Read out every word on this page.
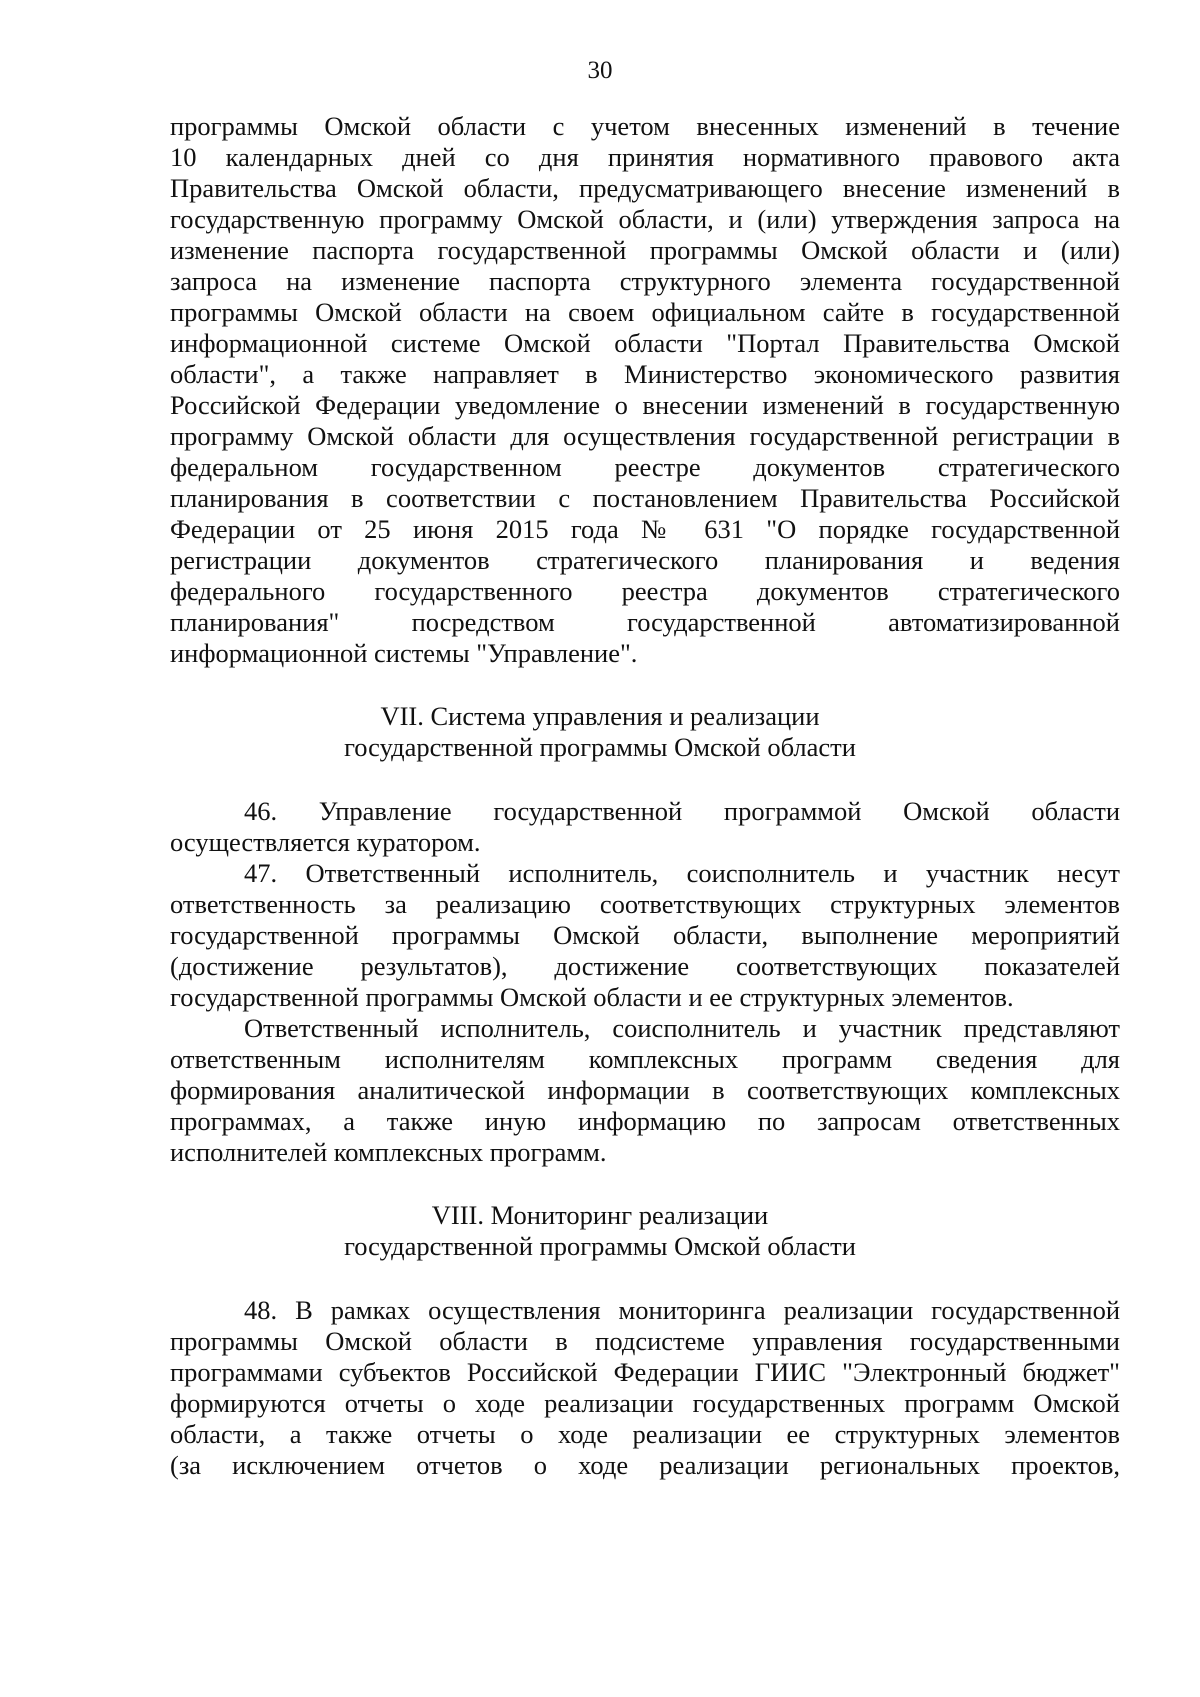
30
программы Омской области с учетом внесенных изменений в течение
10 календарных дней со дня принятия нормативного правового акта
Правительства Омской области, предусматривающего внесение изменений в
государственную программу Омской области, и (или) утверждения запроса на
изменение паспорта государственной программы Омской области и (или)
запроса на изменение паспорта структурного элемента государственной
программы Омской области на своем официальном сайте в государственной
информационной системе Омской области "Портал Правительства Омской
области", а также направляет в Министерство экономического развития
Российской Федерации уведомление о внесении изменений в государственную
программу Омской области для осуществления государственной регистрации в
федеральном государственном реестре документов стратегического
планирования в соответствии с постановлением Правительства Российской
Федерации от 25 июня 2015 года № 631 "О порядке государственной
регистрации документов стратегического планирования и ведения
федерального государственного реестра документов стратегического
планирования" посредством государственной автоматизированной
информационной системы "Управление".
VII. Система управления и реализации
государственной программы Омской области
46. Управление государственной программой Омской области
осуществляется куратором.
47. Ответственный исполнитель, соисполнитель и участник несут
ответственность за реализацию соответствующих структурных элементов
государственной программы Омской области, выполнение мероприятий
(достижение результатов), достижение соответствующих показателей
государственной программы Омской области и ее структурных элементов.
Ответственный исполнитель, соисполнитель и участник представляют
ответственным исполнителям комплексных программ сведения для
формирования аналитической информации в соответствующих комплексных
программах, а также иную информацию по запросам ответственных
исполнителей комплексных программ.
VIII. Мониторинг реализации
государственной программы Омской области
48. В рамках осуществления мониторинга реализации государственной
программы Омской области в подсистеме управления государственными
программами субъектов Российской Федерации ГИИС "Электронный бюджет"
формируются отчеты о ходе реализации государственных программ Омской
области, а также отчеты о ходе реализации ее структурных элементов
(за исключением отчетов о ходе реализации региональных проектов,
